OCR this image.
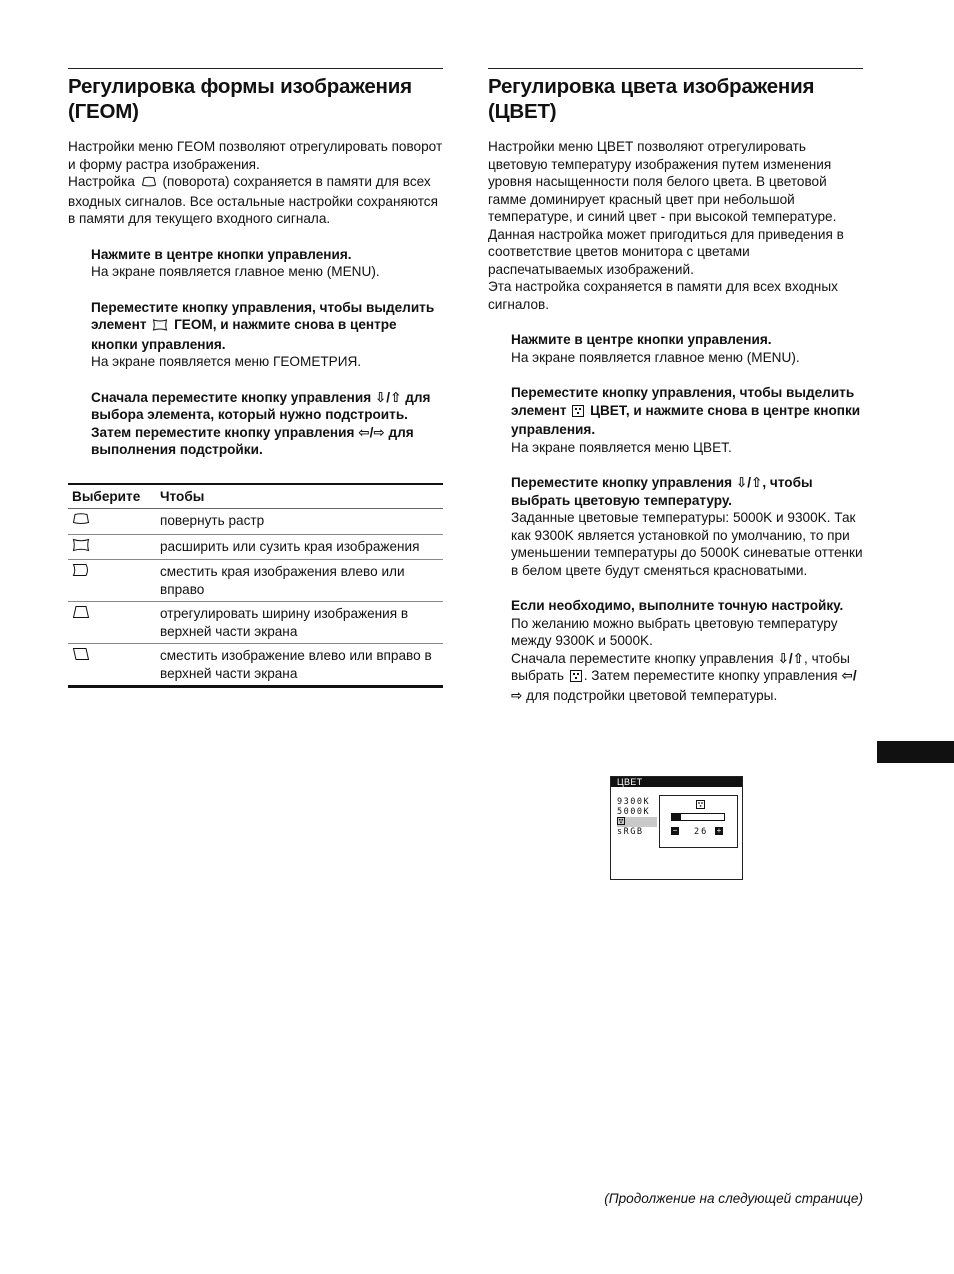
Регулировка формы изображения (ГЕОМ)

Настройки меню ГЕОМ позволяют отрегулировать поворот и форму растра изображения.
Настройка (поворота) сохраняется в памяти для всех входных сигналов. Все остальные настройки сохраняются в памяти для текущего входного сигнала.

Нажмите в центре кнопки управления.

На экране появляется главное меню (MENU).

Переместите кнопку управления, чтобы выделить элемент ГЕОМ, и нажмите снова в центре кнопки управления.

На экране появляется меню ГЕОМЕТРИЯ.

Сначала переместите кнопку управления ⇩/⇧ для выбора элемента, который нужно подстроить. Затем переместите кнопку управления ⇦/⇨ для выполнения подстройки.

Выберите	Чтобы
	повернуть растр
	расширить или сузить края изображения
	сместить края изображения влево или вправо
	отрегулировать ширину изображения в верхней части экрана
	сместить изображение влево или вправо в верхней части экрана
Регулировка цвета изображения (ЦВЕТ)

Настройки меню ЦВЕТ позволяют отрегулировать цветовую температуру изображения путем изменения уровня насыщенности поля белого цвета. В цветовой гамме доминирует красный цвет при небольшой температуре, и синий цвет - при высокой температуре. Данная настройка может пригодиться для приведения в соответствие цветов монитора с цветами распечатываемых изображений.
Эта настройка сохраняется в памяти для всех входных сигналов.

Нажмите в центре кнопки управления.

На экране появляется главное меню (MENU).

Переместите кнопку управления, чтобы выделить элемент ЦВЕТ, и нажмите снова в центре кнопки управления.

На экране появляется меню ЦВЕТ.

Переместите кнопку управления ⇩/⇧, чтобы выбрать цветовую температуру.

Заданные цветовые температуры: 5000K и 9300K. Так как 9300K является установкой по умолчанию, то при уменьшении температуры до 5000K синеватые оттенки в белом цвете будут сменяться красноватыми.

Если необходимо, выполните точную настройку.

По желанию можно выбрать цветовую температуру между 9300K и 5000K.

Сначала переместите кнопку управления ⇩/⇧, чтобы выбрать . Затем переместите кнопку управления ⇦/⇨ для подстройки цветовой температуры.

ЦВЕТ
9300K
5000K
sRGB	− 26 +
(Продолжение на следующей странице)
